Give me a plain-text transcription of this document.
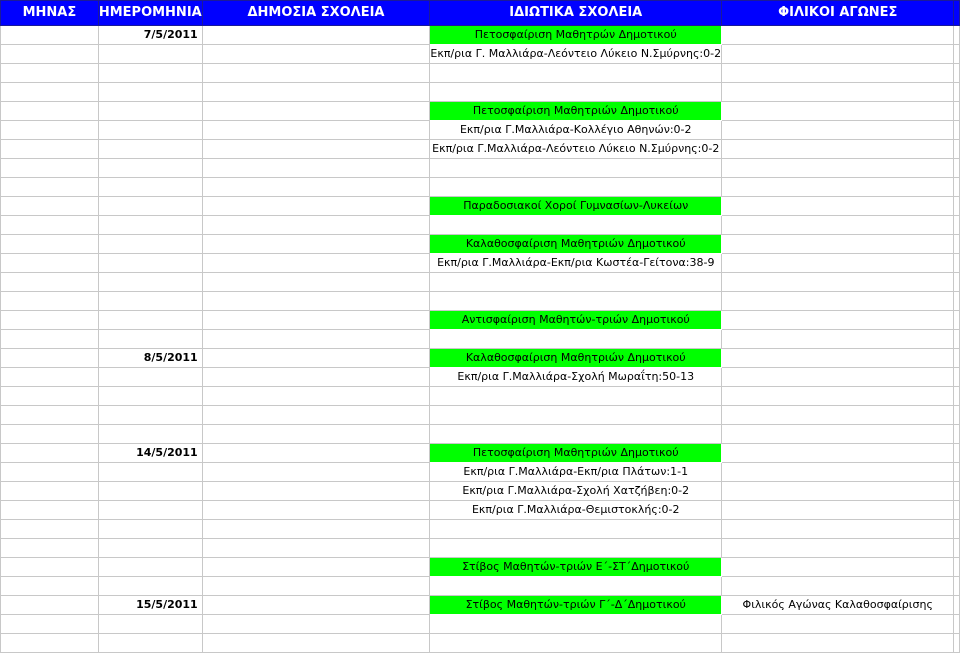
ΜΗΝΑΣ	ΗΜΕΡΟΜΗΝΙΑ	ΔΗΜΟΣΙΑ ΣΧΟΛΕΙΑ	ΙΔΙΩΤΙΚΑ ΣΧΟΛΕΙΑ	ΦΙΛΙΚΟΙ ΑΓΩΝΕΣ	
	7/5/2011		Πετοσφαίριση Μαθητρών Δημοτικού		
			Εκπ/ρια Γ. Μαλλιάρα-Λεόντειο Λύκειο Ν.Σμύρνης:0-2		

			Πετοσφαίριση Μαθητριών Δημοτικού		
			Εκπ/ρια Γ.Μαλλιάρα-Κολλέγιο Αθηνών:0-2		
			Εκπ/ρια Γ.Μαλλιάρα-Λεόντειο Λύκειο Ν.Σμύρνης:0-2		

			Παραδοσιακοί Χοροί Γυμνασίων-Λυκείων		

			Καλαθοσφαίριση Μαθητριών Δημοτικού		
			Εκπ/ρια Γ.Μαλλιάρα-Εκπ/ρια Κωστέα-Γείτονα:38-9		

			Αντισφαίριση Μαθητών-τριών Δημοτικού		

	8/5/2011		Καλαθοσφαίριση Μαθητριών Δημοτικού		
			Εκπ/ρια Γ.Μαλλιάρα-Σχολή Μωραΐτη:50-13		

	14/5/2011		Πετοσφαίριση Μαθητριών Δημοτικού		
			Εκπ/ρια Γ.Μαλλιάρα-Εκπ/ρια Πλάτων:1-1		
			Εκπ/ρια Γ.Μαλλιάρα-Σχολή Χατζήβεη:0-2		
			Εκπ/ρια Γ.Μαλλιάρα-Θεμιστοκλής:0-2		

			Στίβος Μαθητών-τριών Ε΄-ΣΤ΄Δημοτικού		

	15/5/2011		Στίβος Μαθητών-τριών Γ΄-Δ΄Δημοτικού	Φιλικός Αγώνας Καλαθοσφαίρισης	
